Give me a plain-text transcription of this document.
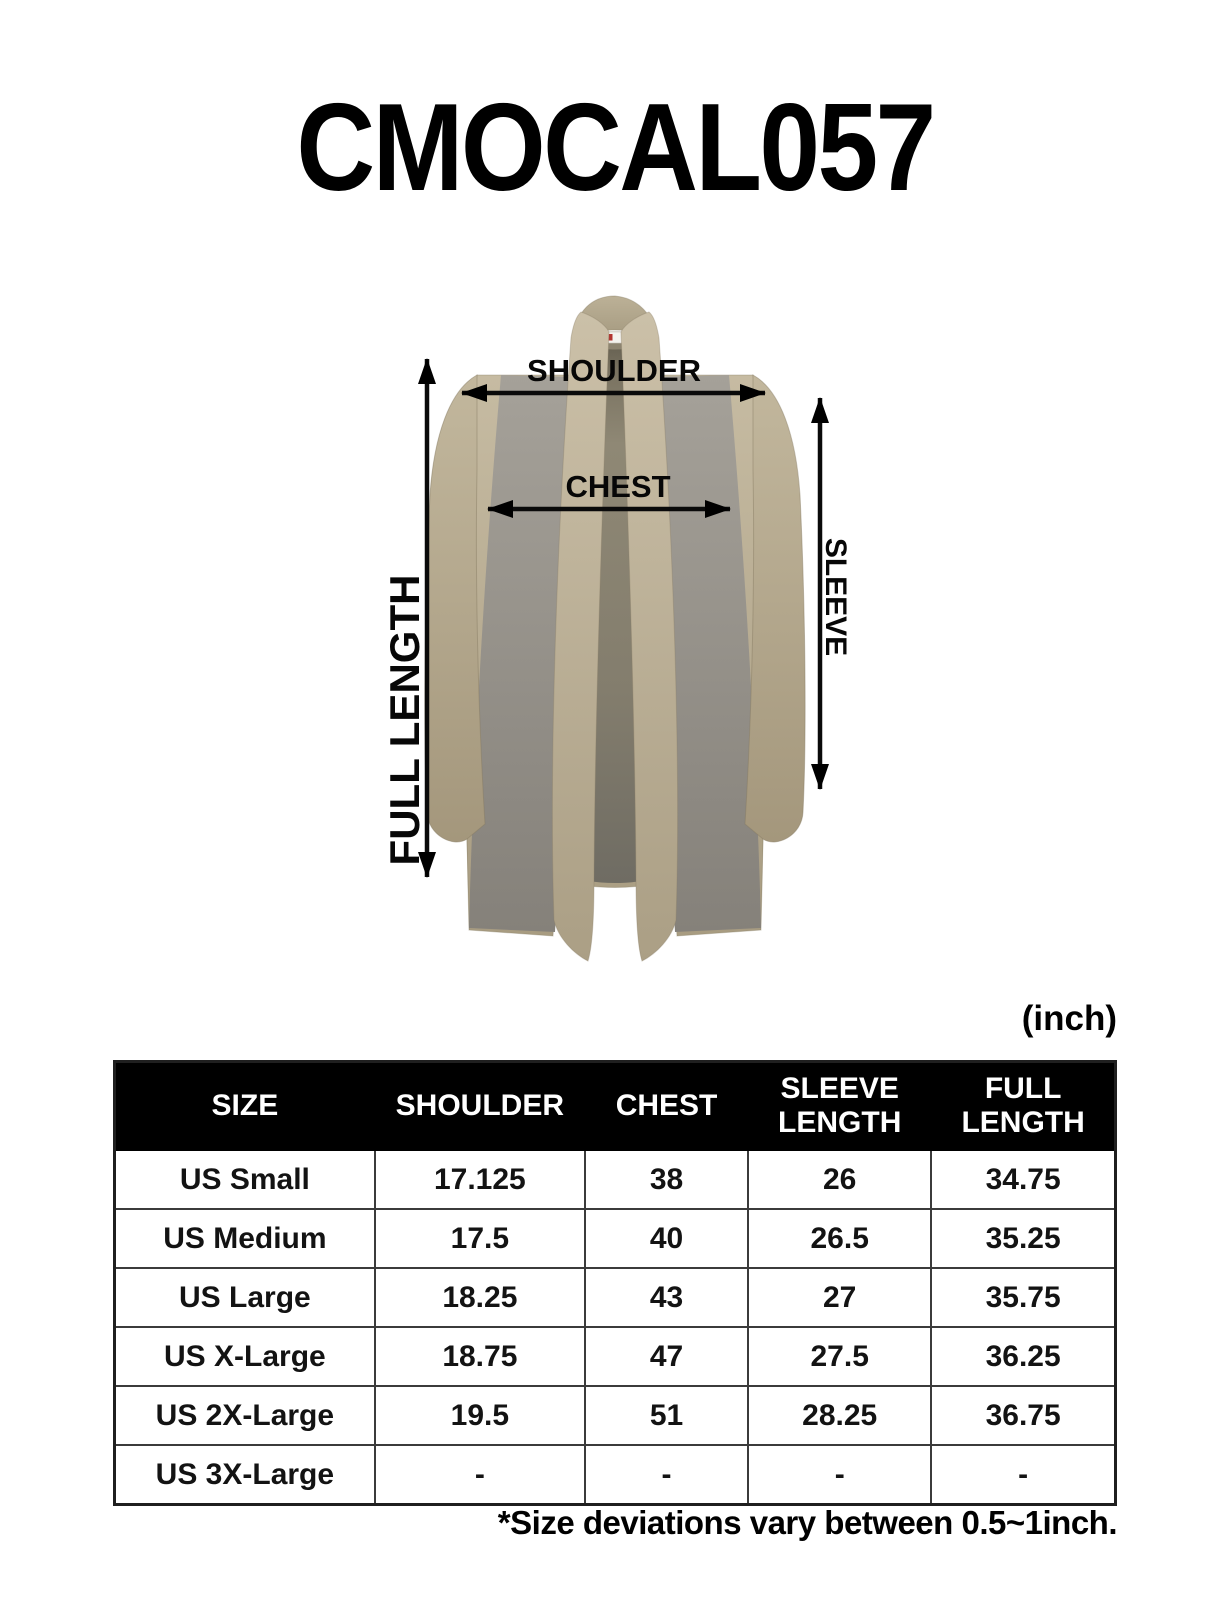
CMOCAL057
SHOULDER
CHEST
FULL LENGTH	SLEEVE
(inch)
SIZE	SHOULDER	CHEST	SLEEVE LENGTH	FULL LENGTH
US Small	17.125	38	26	34.75
US Medium	17.5	40	26.5	35.25
US Large	18.25	43	27	35.75
US X-Large	18.75	47	27.5	36.25
US 2X-Large	19.5	51	28.25	36.75
US 3X-Large	-	-	-	-
*Size deviations vary between 0.5~1inch.
